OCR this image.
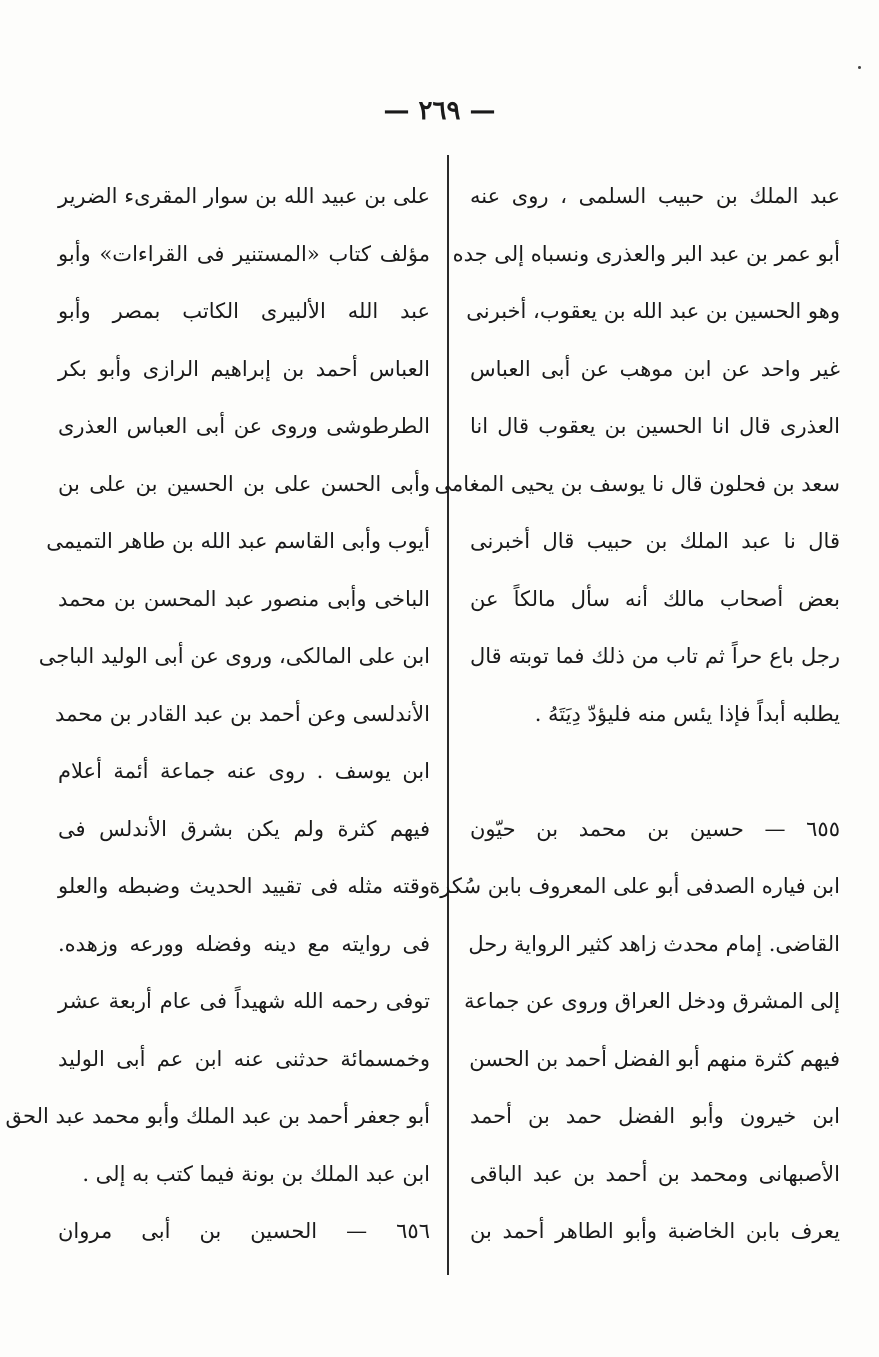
— ٢٦٩ —
عبد الملك بن حبيب السلمى ، روى عنه
أبو عمر بن عبد البر والعذرى ونسباه إلى جده
وهو الحسين بن عبد الله بن يعقوب، أخبرنى
غير واحد عن ابن موهب عن أبى العباس
العذرى قال انا الحسين بن يعقوب قال انا
سعد بن فحلون قال نا يوسف بن يحيى المغامى
قال نا عبد الملك بن حبيب قال أخبرنى
بعض أصحاب مالك أنه سأل مالكاً عن
رجل باع حراً ثم تاب من ذلك فما توبته قال
يطلبه أبداً فإذا يئس منه فليؤدّ دِيَتَهُ .
٦٥٥ — حسين بن محمد بن حيّون
ابن فياره الصدفى أبو على المعروف بابن سُكرة
القاضى. إمام محدث زاهد كثير الرواية رحل
إلى المشرق ودخل العراق وروى عن جماعة
فيهم كثرة منهم أبو الفضل أحمد بن الحسن
ابن خيرون وأبو الفضل حمد بن أحمد
الأصبهانى ومحمد بن أحمد بن عبد الباقى
يعرف بابن الخاضبة وأبو الطاهر أحمد بن
على بن عبيد الله بن سوار المقرىء الضرير
مؤلف كتاب «المستنير فى القراءات» وأبو
عبد الله الألبيرى الكاتب بمصر وأبو
العباس أحمد بن إبراهيم الرازى وأبو بكر
الطرطوشى وروى عن أبى العباس العذرى
وأبى الحسن على بن الحسين بن على بن
أيوب وأبى القاسم عبد الله بن طاهر التميمى
الباخى وأبى منصور عبد المحسن بن محمد
ابن على المالكى، وروى عن أبى الوليد الباجى
الأندلسى وعن أحمد بن عبد القادر بن محمد
ابن يوسف . روى عنه جماعة أئمة أعلام
فيهم كثرة ولم يكن بشرق الأندلس فى
وقته مثله فى تقييد الحديث وضبطه والعلو
فى روايته مع دينه وفضله وورعه وزهده.
توفى رحمه الله شهيداً فى عام أربعة عشر
وخمسمائة حدثنى عنه ابن عم أبى الوليد
أبو جعفر أحمد بن عبد الملك وأبو محمد عبد الحق
ابن عبد الملك بن بونة فيما كتب به إلى .
٦٥٦ — الحسين بن أبى مروان
